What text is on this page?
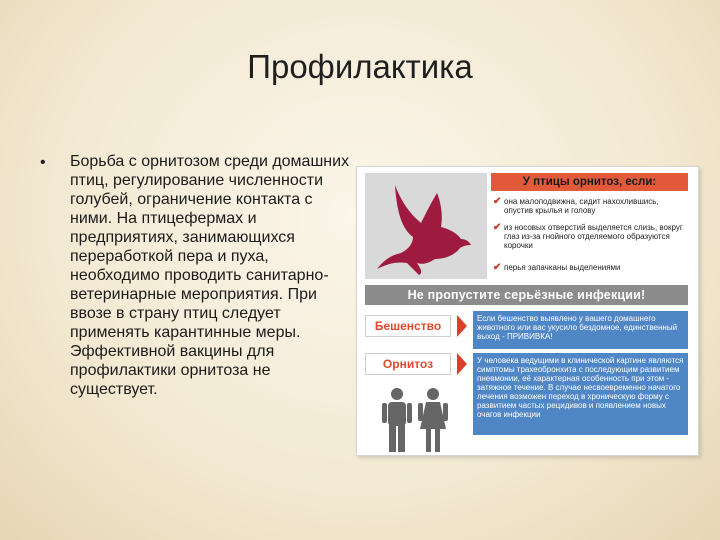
Профилактика
• Борьба с орнитозом среди домашних птиц, регулирование численности голубей, ограничение контакта с ними. На птицефермах и предприятиях, занимающихся переработкой пера и пуха, необходимо проводить санитарно-ветеринарные мероприятия. При ввозе в страну птиц следует применять карантинные меры. Эффективной вакцины для профилактики орнитоза не существует.
У птицы орнитоз, если:
✔ она малоподвижна, сидит нахохлившись, опустив крылья и голову
✔ из носовых отверстий выделяется слизь, вокруг глаз из-за гнойного отделяемого образуются корочки
✔ перья запачканы выделениями
Не пропустите серьёзные инфекции!
Бешенство
Если бешенство выявлено у вашего домашнего животного или вас укусило бездомное, единственный выход - ПРИВИВКА!
Орнитоз	У человека ведущими в клинической картине являются симптомы трахеобронхита с последующим развитием пневмонии, её характерная особенность при этом - затяжное течение. В случае несвоевременно начатого лечения возможен переход в хроническую форму с развитием частых рецидивов и появлением новых очагов инфекции
